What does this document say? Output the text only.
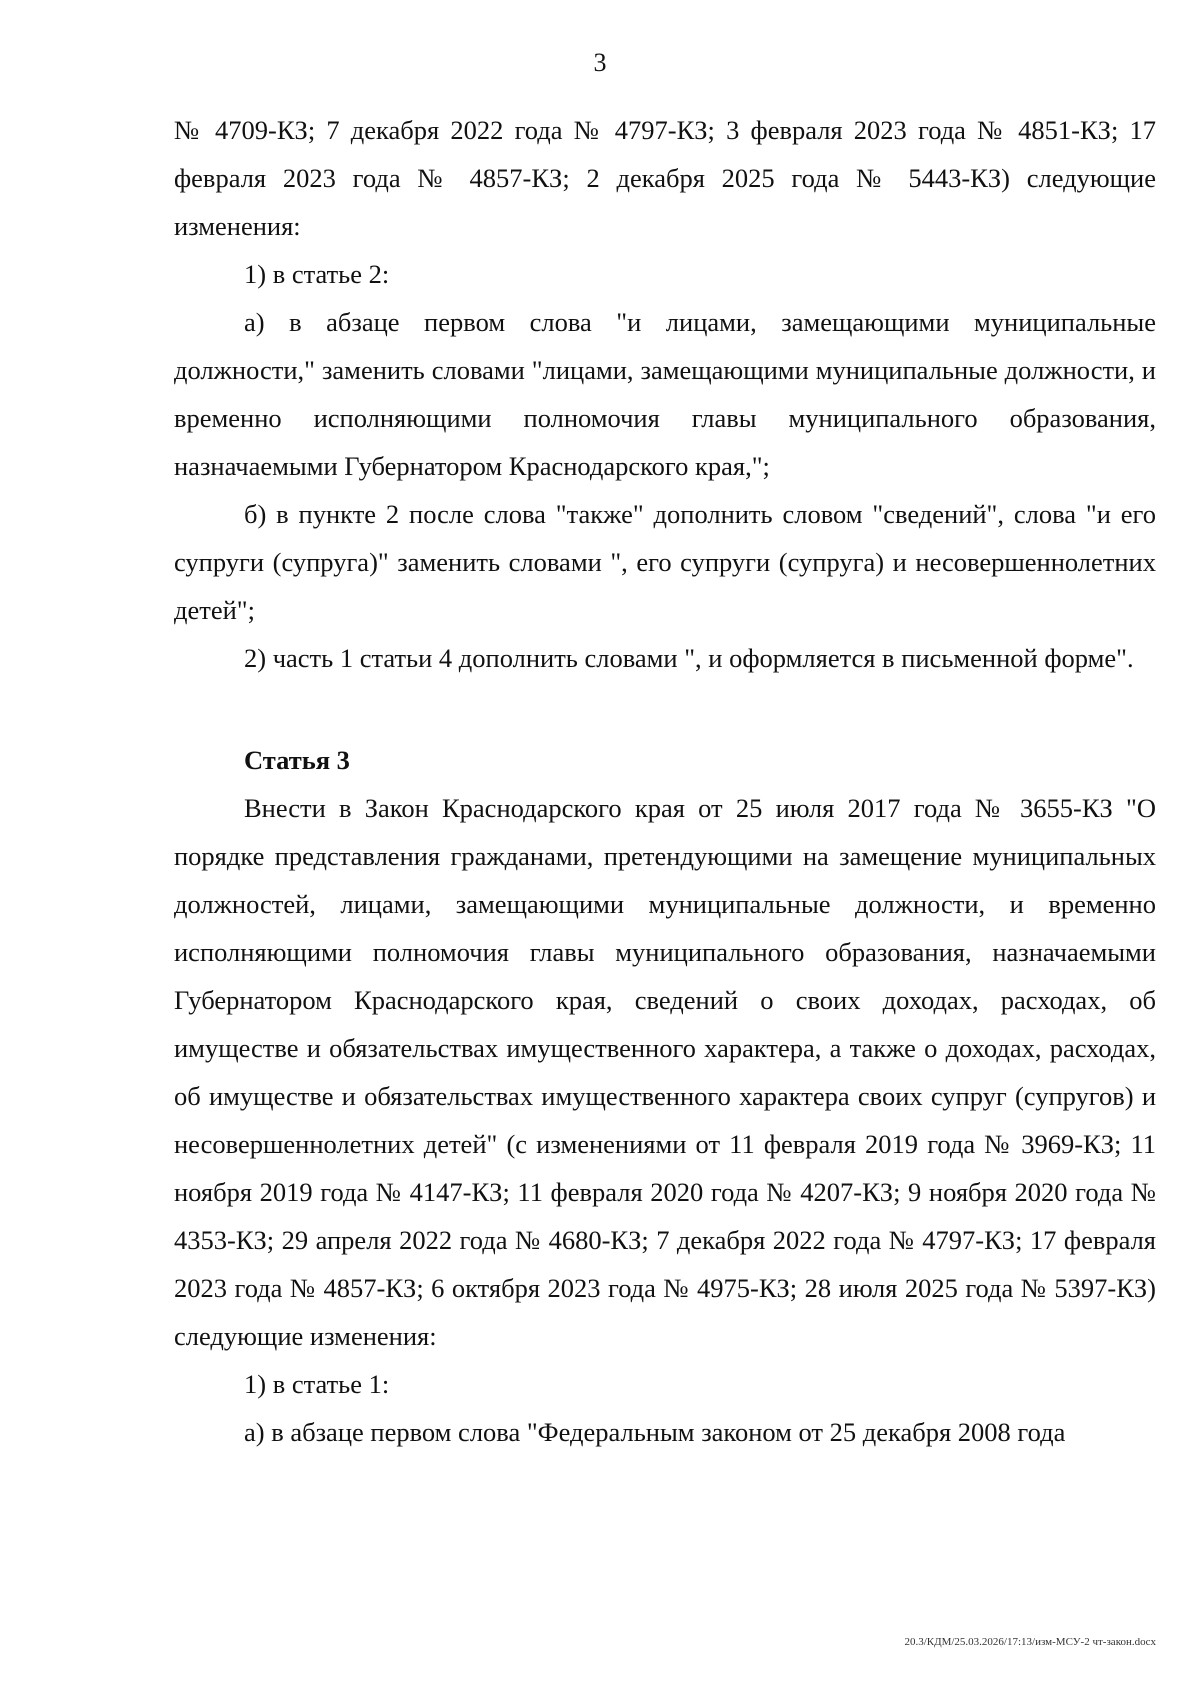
3

№ 4709-КЗ; 7 декабря 2022 года № 4797-КЗ; 3 февраля 2023 года № 4851-КЗ; 17 февраля 2023 года № 4857-КЗ; 2 декабря 2025 года № 5443-КЗ) следующие изменения:

1) в статье 2:

а) в абзаце первом слова "и лицами, замещающими муниципальные должности," заменить словами "лицами, замещающими муниципальные должности, и временно исполняющими полномочия главы муниципального образования, назначаемыми Губернатором Краснодарского края,";

б) в пункте 2 после слова "также" дополнить словом "сведений", слова "и его супруги (супруга)" заменить словами ", его супруги (супруга) и несовершеннолетних детей";

2) часть 1 статьи 4 дополнить словами ", и оформляется в письменной форме".

Статья 3

Внести в Закон Краснодарского края от 25 июля 2017 года № 3655-КЗ "О порядке представления гражданами, претендующими на замещение муниципальных должностей, лицами, замещающими муниципальные должности, и временно исполняющими полномочия главы муниципального образования, назначаемыми Губернатором Краснодарского края, сведений о своих доходах, расходах, об имуществе и обязательствах имущественного характера, а также о доходах, расходах, об имуществе и обязательствах имущественного характера своих супруг (супругов) и несовершеннолетних детей" (с изменениями от 11 февраля 2019 года № 3969-КЗ; 11 ноября 2019 года № 4147-КЗ; 11 февраля 2020 года № 4207-КЗ; 9 ноября 2020 года № 4353-КЗ; 29 апреля 2022 года № 4680-КЗ; 7 декабря 2022 года № 4797-КЗ; 17 февраля 2023 года № 4857-КЗ; 6 октября 2023 года № 4975-КЗ; 28 июля 2025 года № 5397-КЗ) следующие изменения:

1) в статье 1:

а) в абзаце первом слова "Федеральным законом от 25 декабря 2008 года

20.3/КДМ/25.03.2026/17:13/изм-МСУ-2 чт-закон.docx
